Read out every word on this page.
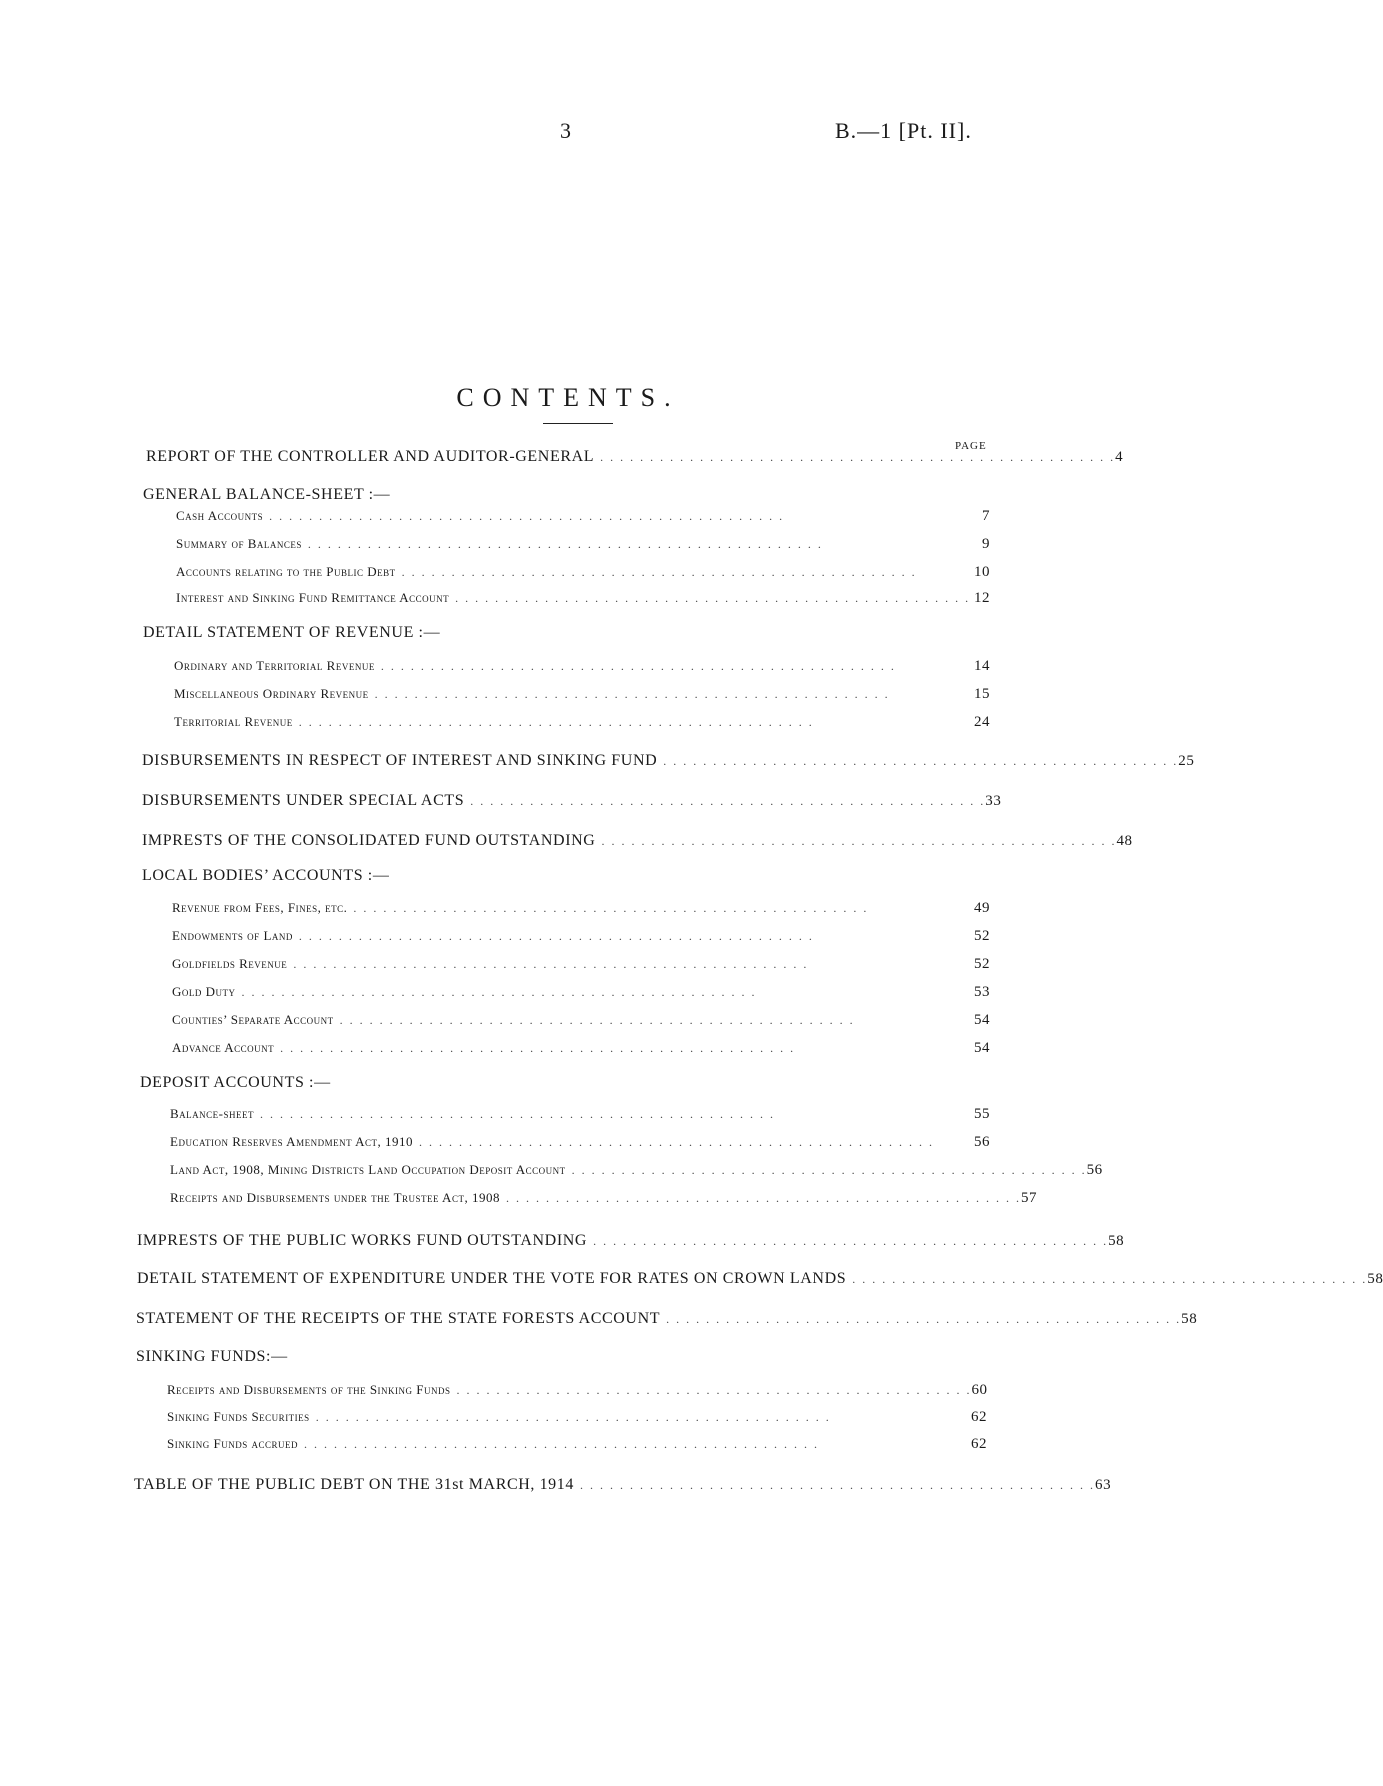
3	B.—1 [Pt. II].
CONTENTS.
PAGE
REPORT OF THE CONTROLLER AND AUDITOR-GENERAL . . . . . . . . . . . . . . . . . . . . . . . . . . . . . . . . . . . . . . . . . . . . . . . . . . . . 4
GENERAL BALANCE-SHEET :—
Cash Accounts . . . . . . . . . . . . . . . . . . . . . . . . . . . . . . . . . . . . . . . . . . . . . . . . . . . .	7
Summary of Balances . . . . . . . . . . . . . . . . . . . . . . . . . . . . . . . . . . . . . . . . . . . . . . . . . . . .	9
Accounts relating to the Public Debt . . . . . . . . . . . . . . . . . . . . . . . . . . . . . . . . . . . . . . . . . . . . . . . . . . . .	10
Interest and Sinking Fund Remittance Account . . . . . . . . . . . . . . . . . . . . . . . . . . . . . . . . . . . . . . . . . . . . . . . . . . . . 12
DETAIL STATEMENT OF REVENUE :—
Ordinary and Territorial Revenue . . . . . . . . . . . . . . . . . . . . . . . . . . . . . . . . . . . . . . . . . . . . . . . . . . . .	14
Miscellaneous Ordinary Revenue . . . . . . . . . . . . . . . . . . . . . . . . . . . . . . . . . . . . . . . . . . . . . . . . . . . .	15
Territorial Revenue . . . . . . . . . . . . . . . . . . . . . . . . . . . . . . . . . . . . . . . . . . . . . . . . . . . .	24
DISBURSEMENTS IN RESPECT OF INTEREST AND SINKING FUND . . . . . . . . . . . . . . . . . . . . . . . . . . . . . . . . . . . . . . . . . . . . . . . . . . . . 25
DISBURSEMENTS UNDER SPECIAL ACTS . . . . . . . . . . . . . . . . . . . . . . . . . . . . . . . . . . . . . . . . . . . . . . . . . . . . 33
IMPRESTS OF THE CONSOLIDATED FUND OUTSTANDING . . . . . . . . . . . . . . . . . . . . . . . . . . . . . . . . . . . . . . . . . . . . . . . . . . . . 48
LOCAL BODIES’ ACCOUNTS :—
Revenue from Fees, Fines, etc. . . . . . . . . . . . . . . . . . . . . . . . . . . . . . . . . . . . . . . . . . . . . . . . . . . . .	49
Endowments of Land . . . . . . . . . . . . . . . . . . . . . . . . . . . . . . . . . . . . . . . . . . . . . . . . . . . .	52
Goldfields Revenue . . . . . . . . . . . . . . . . . . . . . . . . . . . . . . . . . . . . . . . . . . . . . . . . . . . .	52
Gold Duty . . . . . . . . . . . . . . . . . . . . . . . . . . . . . . . . . . . . . . . . . . . . . . . . . . . .	53
Counties’ Separate Account . . . . . . . . . . . . . . . . . . . . . . . . . . . . . . . . . . . . . . . . . . . . . . . . . . . .	54
Advance Account . . . . . . . . . . . . . . . . . . . . . . . . . . . . . . . . . . . . . . . . . . . . . . . . . . . .	54
DEPOSIT ACCOUNTS :—
Balance-sheet . . . . . . . . . . . . . . . . . . . . . . . . . . . . . . . . . . . . . . . . . . . . . . . . . . . .	55
Education Reserves Amendment Act, 1910 . . . . . . . . . . . . . . . . . . . . . . . . . . . . . . . . . . . . . . . . . . . . . . . . . . . .	56
Land Act, 1908, Mining Districts Land Occupation Deposit Account . . . . . . . . . . . . . . . . . . . . . . . . . . . . . . . . . . . . . . . . . . . . . . . . . . . . 56
Receipts and Disbursements under the Trustee Act, 1908 . . . . . . . . . . . . . . . . . . . . . . . . . . . . . . . . . . . . . . . . . . . . . . . . . . . . 57
IMPRESTS OF THE PUBLIC WORKS FUND OUTSTANDING . . . . . . . . . . . . . . . . . . . . . . . . . . . . . . . . . . . . . . . . . . . . . . . . . . . . 58
DETAIL STATEMENT OF EXPENDITURE UNDER THE VOTE FOR RATES ON CROWN LANDS . . . . . . . . . . . . . . . . . . . . . . . . . . . . . . . . . . . . . . . . . . . . . . . . . . . . 58
STATEMENT OF THE RECEIPTS OF THE STATE FORESTS ACCOUNT . . . . . . . . . . . . . . . . . . . . . . . . . . . . . . . . . . . . . . . . . . . . . . . . . . . . 58
SINKING FUNDS:—
Receipts and Disbursements of the Sinking Funds . . . . . . . . . . . . . . . . . . . . . . . . . . . . . . . . . . . . . . . . . . . . . . . . . . . . 60
Sinking Funds Securities . . . . . . . . . . . . . . . . . . . . . . . . . . . . . . . . . . . . . . . . . . . . . . . . . . . .	62
Sinking Funds accrued . . . . . . . . . . . . . . . . . . . . . . . . . . . . . . . . . . . . . . . . . . . . . . . . . . . .	62
TABLE OF THE PUBLIC DEBT ON THE 31st MARCH, 1914 . . . . . . . . . . . . . . . . . . . . . . . . . . . . . . . . . . . . . . . . . . . . . . . . . . . . 63
